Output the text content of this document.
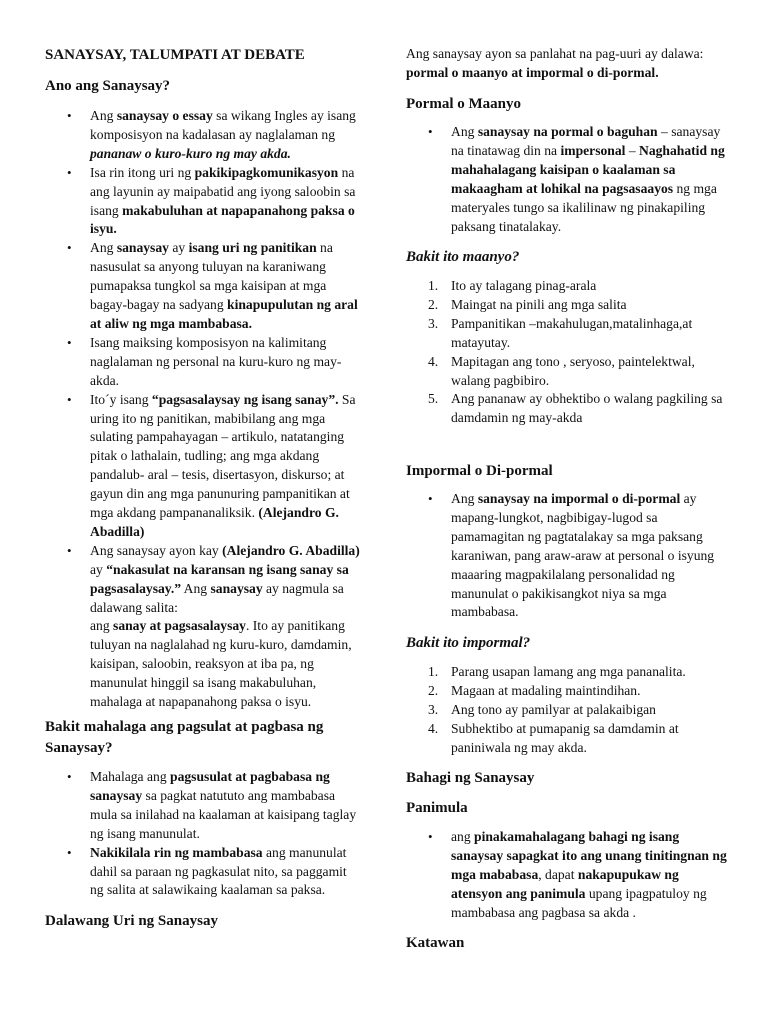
SANAYSAY, TALUMPATI AT DEBATE

Ano ang Sanaysay?

• Ang sanaysay o essay sa wikang Ingles ay isang komposisyon na kadalasan ay naglalaman ng pananaw o kuro-kuro ng may akda.
• Isa rin itong uri ng pakikipagkomunikasyon na ang layunin ay maipabatid ang iyong saloobin sa isang makabuluhan at napapanahong paksa o isyu.
• Ang sanaysay ay isang uri ng panitikan na nasusulat sa anyong tuluyan na karaniwang pumapaksa tungkol sa mga kaisipan at mga bagay-bagay na sadyang kinapupulutan ng aral at aliw ng mga mambabasa.
• Isang maiksing komposisyon na kalimitang naglalaman ng personal na kuru-kuro ng may-akda.
• Ito´y isang “pagsasalaysay ng isang sanay”. Sa uring ito ng panitikan, mabibilang ang mga sulating pampahayagan – artikulo, natatanging pitak o lathalain, tudling; ang mga akdang pandalub- aral – tesis, disertasyon, diskurso; at gayun din ang mga panunuring pampanitikan at mga akdang pampananaliksik. (Alejandro G. Abadilla)
• Ang sanaysay ayon kay (Alejandro G. Abadilla) ay “nakasulat na karansan ng isang sanay sa pagsasalaysay.” Ang sanaysay ay nagmula sa dalawang salita:
ang sanay at pagsasalaysay. Ito ay panitikang tuluyan na naglalahad ng kuru-kuro, damdamin, kaisipan, saloobin, reaksyon at iba pa, ng manunulat hinggil sa isang makabuluhan, mahalaga at napapanahong paksa o isyu.

Bakit mahalaga ang pagsulat at pagbasa ng Sanaysay?

• Mahalaga ang pagsusulat at pagbabasa ng sanaysay sa pagkat natututo ang mambabasa mula sa inilahad na kaalaman at kaisipang taglay ng isang manunulat.
• Nakikilala rin ng mambabasa ang manunulat dahil sa paraan ng pagkasulat nito, sa paggamit ng salita at salawikaing kaalaman sa paksa.

Dalawang Uri ng Sanaysay

Ang sanaysay ayon sa panlahat na pag-uuri ay dalawa: pormal o maanyo at impormal o di-pormal.

Pormal o Maanyo

• Ang sanaysay na pormal o baguhan – sanaysay na tinatawag din na impersonal – Naghahatid ng mahahalagang kaisipan o kaalaman sa makaagham at lohikal na pagsasaayos ng mga materyales tungo sa ikalilinaw ng pinakapiling paksang tinatalakay.

Bakit ito maanyo?

1. Ito ay talagang pinag-arala
2. Maingat na pinili ang mga salita
3. Pampanitikan –makahulugan,matalinhaga,at matayutay.
4. Mapitagan ang tono , seryoso, paintelektwal, walang pagbibiro.
5. Ang pananaw ay obhektibo o walang pagkiling sa damdamin ng may-akda

Impormal o Di-pormal

• Ang sanaysay na impormal o di-pormal ay mapang-lungkot, nagbibigay-lugod sa pamamagitan ng pagtatalakay sa mga paksang karaniwan, pang araw-araw at personal o isyung maaaring magpakilalang personalidad ng manunulat o pakikisangkot niya sa mga mambabasa.

Bakit ito impormal?

1. Parang usapan lamang ang mga pananalita.
2. Magaan at madaling maintindihan.
3. Ang tono ay pamilyar at palakaibigan
4. Subhektibo at pumapanig sa damdamin at paniniwala ng may akda.

Bahagi ng Sanaysay

Panimula

• ang pinakamahalagang bahagi ng isang sanaysay sapagkat ito ang unang tinitingnan ng mga mababasa, dapat nakapupukaw ng atensyon ang panimula upang ipagpatuloy ng mambabasa ang pagbasa sa akda .

Katawan
